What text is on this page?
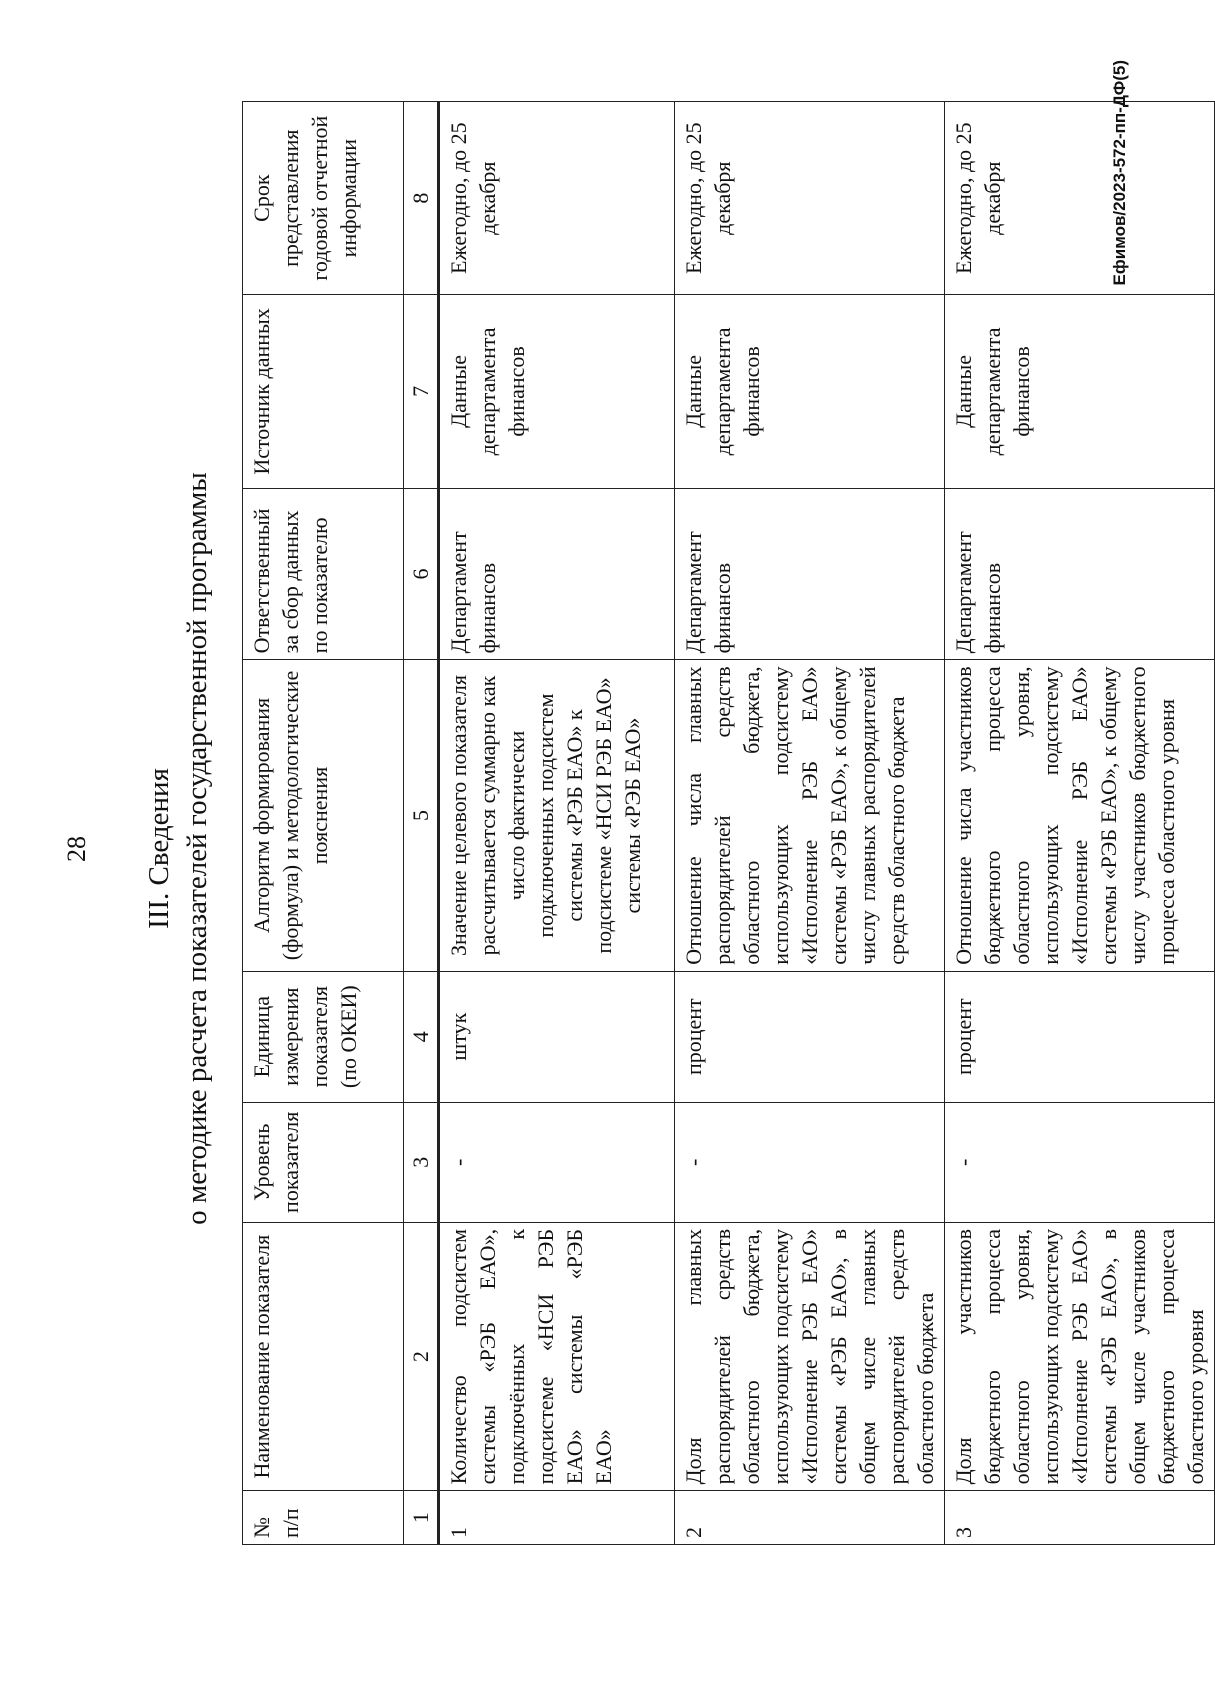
28 III. Сведения о методике расчета показателей государственной программы
№ п/п	Наименование показателя	Уровень показателя	Единица измерения показателя (по ОКЕИ)	Алгоритм формирования (формула) и методологические пояснения	Ответственный за сбор данных по показателю	Источник данных	Срок представления годовой отчетной информации
1	2	3	4	5	6	7	8
1	Количество подсистем системы «РЭБ ЕАО», подключённых к подсистеме «НСИ РЭБ ЕАО» системы «РЭБ ЕАО»	-	штук	Значение целевого показателя рассчитывается суммарно как число фактически подключенных подсистем системы «РЭБ ЕАО» к подсистеме «НСИ РЭБ ЕАО» системы «РЭБ ЕАО»	Департамент финансов	Данные департамента финансов	Ежегодно, до 25 декабря
2	Доля главных распорядителей средств областного бюджета, использующих подсистему «Исполнение РЭБ ЕАО» системы «РЭБ ЕАО», в общем числе главных распорядителей средств областного бюджета	-	процент	Отношение числа главных распорядителей средств областного бюджета, использующих подсистему «Исполнение РЭБ ЕАО» системы «РЭБ ЕАО», к общему числу главных распорядителей средств областного бюджета	Департамент финансов	Данные департамента финансов	Ежегодно, до 25 декабря
3	Доля участников бюджетного процесса областного уровня, использующих подсистему «Исполнение РЭБ ЕАО» системы «РЭБ ЕАО», в общем числе участников бюджетного процесса областного уровня	-	процент	Отношение числа участников бюджетного процесса областного уровня, использующих подсистему «Исполнение РЭБ ЕАО» системы «РЭБ ЕАО», к общему числу участников бюджетного процесса областного уровня	Департамент финансов	Данные департамента финансов	Ежегодно, до 25 декабря	Ефимов/2023-572-пп-ДФ(5)
